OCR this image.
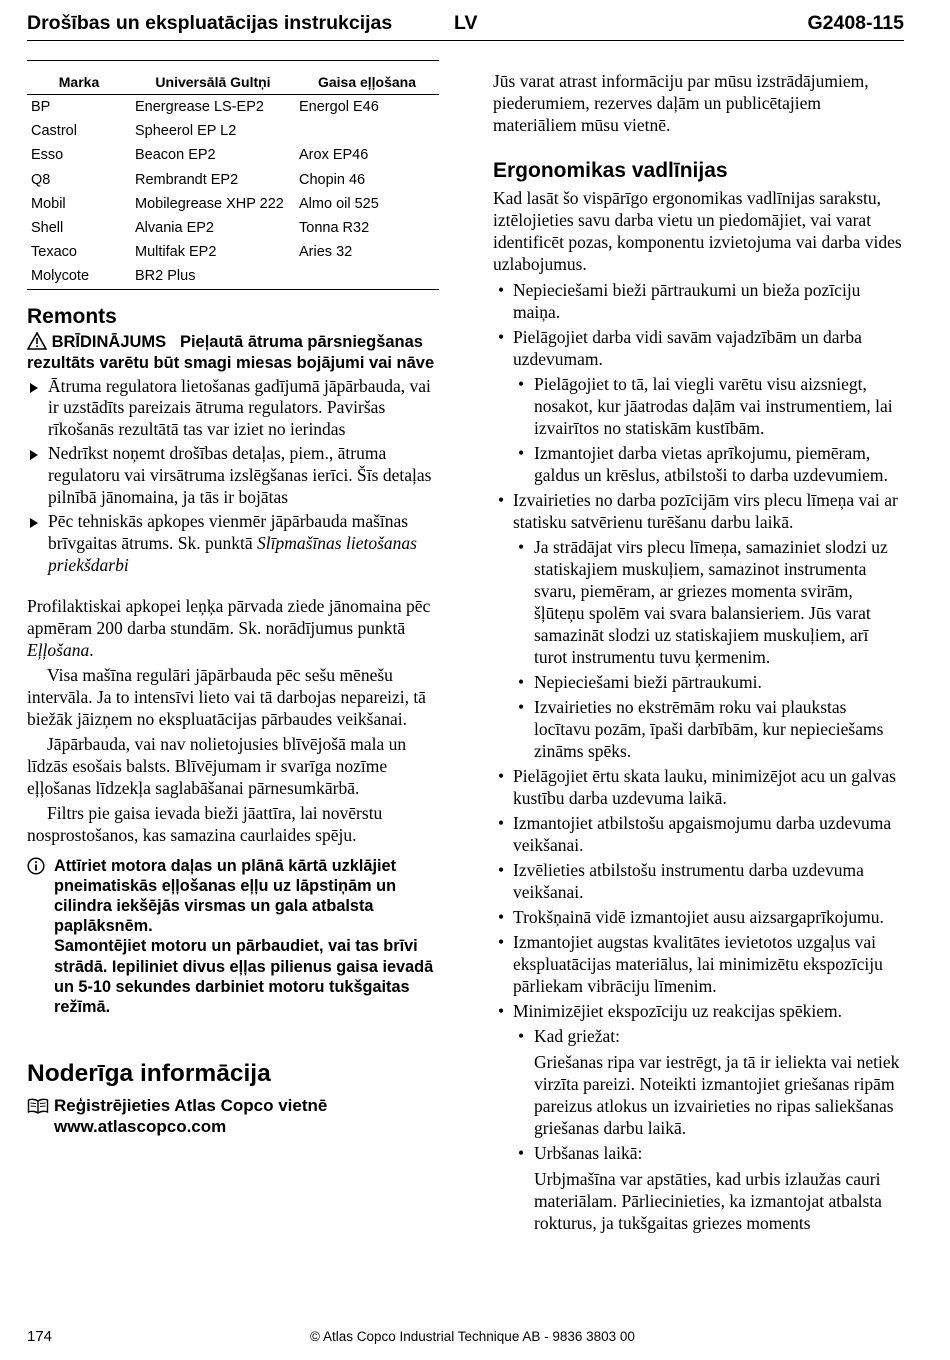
Drošības un ekspluatācijas instrukcijas	LV	G2408-115
Marka	Universālā Gultņi	Gaisa eļļošana
BP	Energrease LS-EP2	Energol E46
Castrol	Spheerol EP L2	
Esso	Beacon EP2	Arox EP46
Q8	Rembrandt EP2	Chopin 46
Mobil	Mobilegrease XHP 222	Almo oil 525
Shell	Alvania EP2	Tonna R32
Texaco	Multifak EP2	Aries 32
Molycote	BR2 Plus	
Remonts
BRĪDINĀJUMS Pieļautā ātruma pārsniegšanas rezultāts varētu būt smagi miesas bojājumi vai nāve
Ātruma regulatora lietošanas gadījumā jāpārbauda, vai ir uzstādīts pareizais ātruma regulators. Paviršas rīkošanās rezultātā tas var iziet no ierindas
Nedrīkst noņemt drošības detaļas, piem., ātruma regulatoru vai virsātruma izslēgšanas ierīci. Šīs detaļas pilnībā jānomaina, ja tās ir bojātas
Pēc tehniskās apkopes vienmēr jāpārbauda mašīnas brīvgaitas ātrums. Sk. punktā Slīpmašīnas lietošanas priekšdarbi

Profilaktiskai apkopei leņķa pārvada ziede jānomaina pēc apmēram 200 darba stundām. Sk. norādījumus punktā Eļļošana.

Visa mašīna regulāri jāpārbauda pēc sešu mēnešu intervāla. Ja to intensīvi lieto vai tā darbojas nepareizi, tā biežāk jāizņem no ekspluatācijas pārbaudes veikšanai.

Jāpārbauda, vai nav nolietojusies blīvējošā mala un līdzās esošais balsts. Blīvējumam ir svarīga nozīme eļļošanas līdzekļa saglabāšanai pārnesumkārbā.

Filtrs pie gaisa ievada bieži jāattīra, lai novērstu nosprostošanos, kas samazina caurlaides spēju.

Attīriet motora daļas un plānā kārtā uzklājiet pneimatiskās eļļošanas eļļu uz lāpstiņām un cilindra iekšējās virsmas un gala atbalsta paplāksnēm.
Samontējiet motoru un pārbaudiet, vai tas brīvi strādā. Iepiliniet divus eļļas pilienus gaisa ievadā un 5-10 sekundes darbiniet motoru tukšgaitas režīmā.
Noderīga informācija
Reģistrējieties Atlas Copco vietnē
www.atlascopco.com

Jūs varat atrast informāciju par mūsu izstrādājumiem, piederumiem, rezerves daļām un publicētajiem materiāliem mūsu vietnē.

Ergonomikas vadlīnijas

Kad lasāt šo vispārīgo ergonomikas vadlīnijas sarakstu, iztēlojieties savu darba vietu un piedomājiet, vai varat identificēt pozas, komponentu izvietojuma vai darba vides uzlabojumus.

• Nepieciešami bieži pārtraukumi un bieža pozīciju maiņa.
• Pielāgojiet darba vidi savām vajadzībām un darba uzdevumam.
• Pielāgojiet to tā, lai viegli varētu visu aizsniegt, nosakot, kur jāatrodas daļām vai instrumentiem, lai izvairītos no statiskām kustībām.
• Izmantojiet darba vietas aprīkojumu, piemēram, galdus un krēslus, atbilstoši to darba uzdevumiem.
• Izvairieties no darba pozīcijām virs plecu līmeņa vai ar statisku satvērienu turēšanu darbu laikā.
• Ja strādājat virs plecu līmeņa, samaziniet slodzi uz statiskajiem muskuļiem, samazinot instrumenta svaru, piemēram, ar griezes momenta svirām, šļūteņu spolēm vai svara balansieriem. Jūs varat samazināt slodzi uz statiskajiem muskuļiem, arī turot instrumentu tuvu ķermenim.
• Nepieciešami bieži pārtraukumi.
• Izvairieties no ekstrēmām roku vai plaukstas locītavu pozām, īpaši darbībām, kur nepieciešams zināms spēks.
• Pielāgojiet ērtu skata lauku, minimizējot acu un galvas kustību darba uzdevuma laikā.
• Izmantojiet atbilstošu apgaismojumu darba uzdevuma veikšanai.
• Izvēlieties atbilstošu instrumentu darba uzdevuma veikšanai.
• Trokšņainā vidē izmantojiet ausu aizsargaprīkojumu.
• Izmantojiet augstas kvalitātes ievietotos uzgaļus vai ekspluatācijas materiālus, lai minimizētu ekspozīciju pārliekam vibrāciju līmenim.
• Minimizējiet ekspozīciju uz reakcijas spēkiem.
• Kad griežat:
Griešanas ripa var iestrēgt, ja tā ir ieliekta vai netiek virzīta pareizi. Noteikti izmantojiet griešanas ripām pareizus atlokus un izvairieties no ripas saliekšanas griešanas darbu laikā.
• Urbšanas laikā:
Urbjmašīna var apstāties, kad urbis izlaužas cauri materiālam. Pārliecinieties, ka izmantojat atbalsta rokturus, ja tukšgaitas griezes moments
174	© Atlas Copco Industrial Technique AB - 9836 3803 00
